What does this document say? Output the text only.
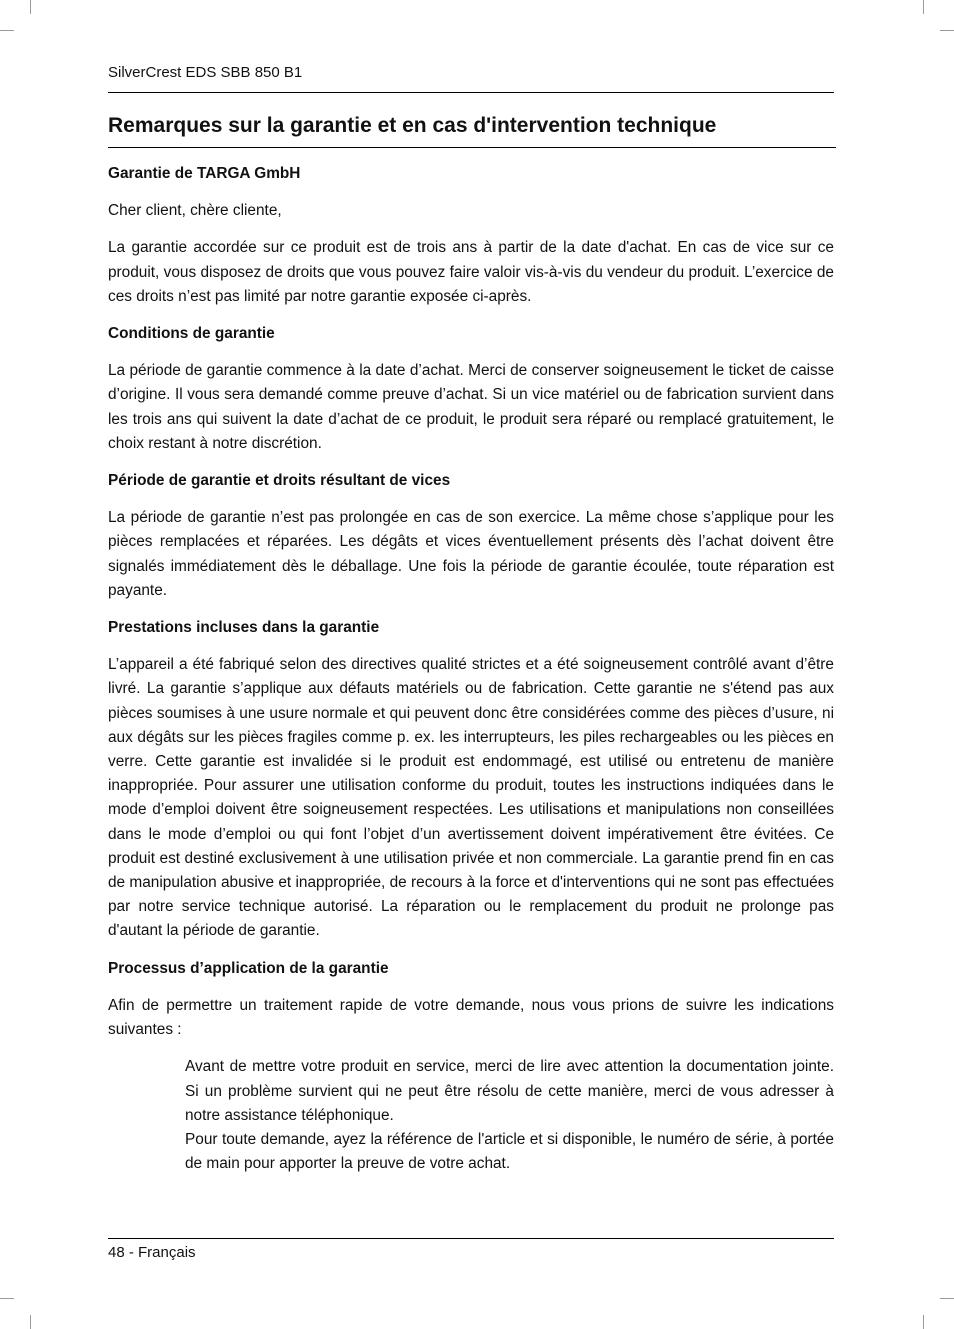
SilverCrest EDS SBB 850 B1
Remarques sur la garantie et en cas d'intervention technique
Garantie de TARGA GmbH

Cher client, chère cliente,

La garantie accordée sur ce produit est de trois ans à partir de la date d'achat. En cas de vice sur ce produit, vous disposez de droits que vous pouvez faire valoir vis-à-vis du vendeur du produit. L’exercice de ces droits n’est pas limité par notre garantie exposée ci-après.

Conditions de garantie

La période de garantie commence à la date d’achat. Merci de conserver soigneusement le ticket de caisse d’origine. Il vous sera demandé comme preuve d’achat. Si un vice matériel ou de fabrication survient dans les trois ans qui suivent la date d’achat de ce produit, le produit sera réparé ou remplacé gratuitement, le choix restant à notre discrétion.

Période de garantie et droits résultant de vices

La période de garantie n’est pas prolongée en cas de son exercice. La même chose s’applique pour les pièces remplacées et réparées. Les dégâts et vices éventuellement présents dès l’achat doivent être signalés immédiatement dès le déballage. Une fois la période de garantie écoulée, toute réparation est payante.

Prestations incluses dans la garantie

L’appareil a été fabriqué selon des directives qualité strictes et a été soigneusement contrôlé avant d’être livré. La garantie s’applique aux défauts matériels ou de fabrication. Cette garantie ne s'étend pas aux pièces soumises à une usure normale et qui peuvent donc être considérées comme des pièces d’usure, ni aux dégâts sur les pièces fragiles comme p. ex. les interrupteurs, les piles rechargeables ou les pièces en verre. Cette garantie est invalidée si le produit est endommagé, est utilisé ou entretenu de manière inappropriée. Pour assurer une utilisation conforme du produit, toutes les instructions indiquées dans le mode d’emploi doivent être soigneusement respectées. Les utilisations et manipulations non conseillées dans le mode d’emploi ou qui font l’objet d’un avertissement doivent impérativement être évitées. Ce produit est destiné exclusivement à une utilisation privée et non commerciale. La garantie prend fin en cas de manipulation abusive et inappropriée, de recours à la force et d'interventions qui ne sont pas effectuées par notre service technique autorisé. La réparation ou le remplacement du produit ne prolonge pas d'autant la période de garantie.

Processus d’application de la garantie

Afin de permettre un traitement rapide de votre demande, nous vous prions de suivre les indications suivantes :

Avant de mettre votre produit en service, merci de lire avec attention la documentation jointe. Si un problème survient qui ne peut être résolu de cette manière, merci de vous adresser à notre assistance téléphonique.

Pour toute demande, ayez la référence de l'article et si disponible, le numéro de série, à portée de main pour apporter la preuve de votre achat.

48 - Français
